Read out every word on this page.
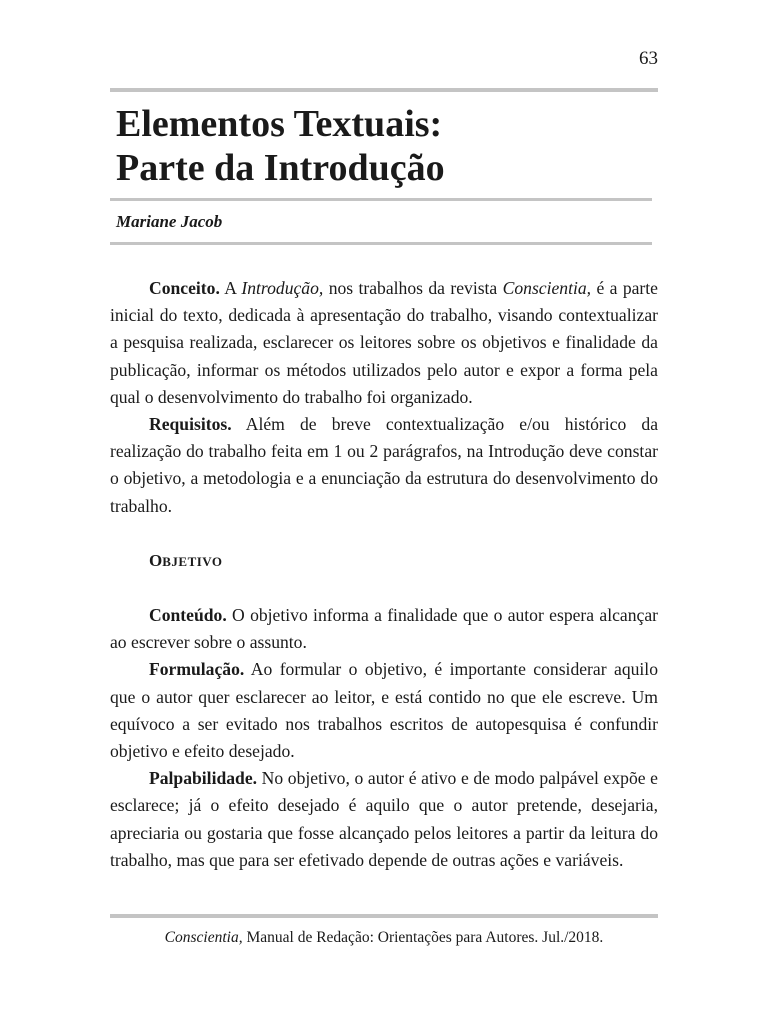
63
Elementos Textuais:
Parte da Introdução
Mariane Jacob

Conceito. A Introdução, nos trabalhos da revista Conscientia, é a parte inicial do texto, dedicada à apresentação do trabalho, visando contextualizar a pesquisa realizada, esclarecer os leitores sobre os objetivos e finalidade da publicação, informar os métodos utilizados pelo autor e expor a forma pela qual o desenvolvimento do trabalho foi organizado.

Requisitos. Além de breve contextualização e/ou histórico da realização do trabalho feita em 1 ou 2 parágrafos, na Introdução deve constar o objetivo, a metodologia e a enunciação da estrutura do desenvolvimento do trabalho.

OBJETIVO

Conteúdo. O objetivo informa a finalidade que o autor espera alcançar ao escrever sobre o assunto.

Formulação. Ao formular o objetivo, é importante considerar aquilo que o autor quer esclarecer ao leitor, e está contido no que ele escreve. Um equívoco a ser evitado nos trabalhos escritos de autopesquisa é confundir objetivo e efeito desejado.

Palpabilidade. No objetivo, o autor é ativo e de modo palpável expõe e esclarece; já o efeito desejado é aquilo que o autor pretende, desejaria, apreciaria ou gostaria que fosse alcançado pelos leitores a partir da leitura do trabalho, mas que para ser efetivado depende de outras ações e variáveis.

Conscientia, Manual de Redação: Orientações para Autores. Jul./2018.
